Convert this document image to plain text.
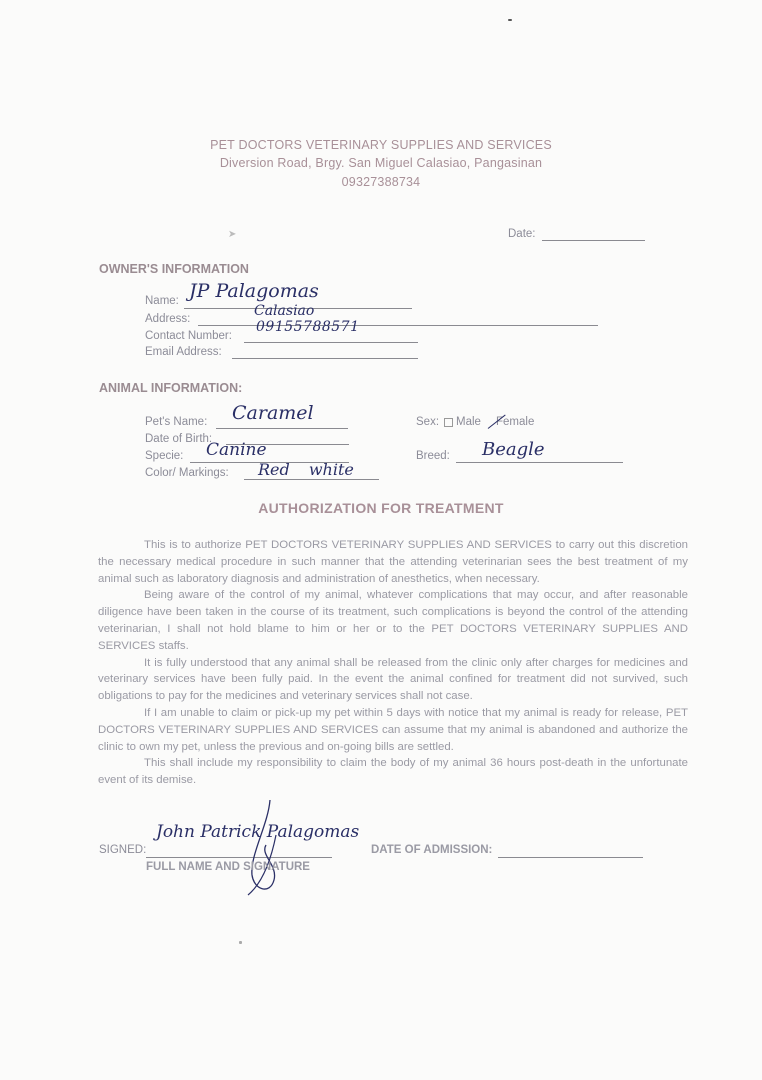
➤
PET DOCTORS VETERINARY SUPPLIES AND SERVICES
Diversion Road, Brgy. San Miguel Calasiao, Pangasinan
09327388734
Date:
OWNER'S INFORMATION
Name: JP Palagomas
Address:	Calasiao
Contact Number:
09155788571
Email Address:
ANIMAL INFORMATION:
Pet's Name: Caramel
Date of Birth:
Specie: Canine
Color/ Markings: Red white
Sex: Male Female
Breed: Beagle
AUTHORIZATION FOR TREATMENT

This is to authorize PET DOCTORS VETERINARY SUPPLIES AND SERVICES to carry out this discretion the necessary medical procedure in such manner that the attending veterinarian sees the best treatment of my animal such as laboratory diagnosis and administration of anesthetics, when necessary.

Being aware of the control of my animal, whatever complications that may occur, and after reasonable diligence have been taken in the course of its treatment, such complications is beyond the control of the attending veterinarian, I shall not hold blame to him or her or to the PET DOCTORS VETERINARY SUPPLIES AND SERVICES staffs.

It is fully understood that any animal shall be released from the clinic only after charges for medicines and veterinary services have been fully paid. In the event the animal confined for treatment did not survived, such obligations to pay for the medicines and veterinary services shall not case.

If I am unable to claim or pick-up my pet within 5 days with notice that my animal is ready for release, PET DOCTORS VETERINARY SUPPLIES AND SERVICES can assume that my animal is abandoned and authorize the clinic to own my pet, unless the previous and on-going bills are settled.

This shall include my responsibility to claim the body of my animal 36 hours post-death in the unfortunate event of its demise.

SIGNED:
John Patrick Palagomas
FULL NAME AND SIGNATURE
DATE OF ADMISSION:
